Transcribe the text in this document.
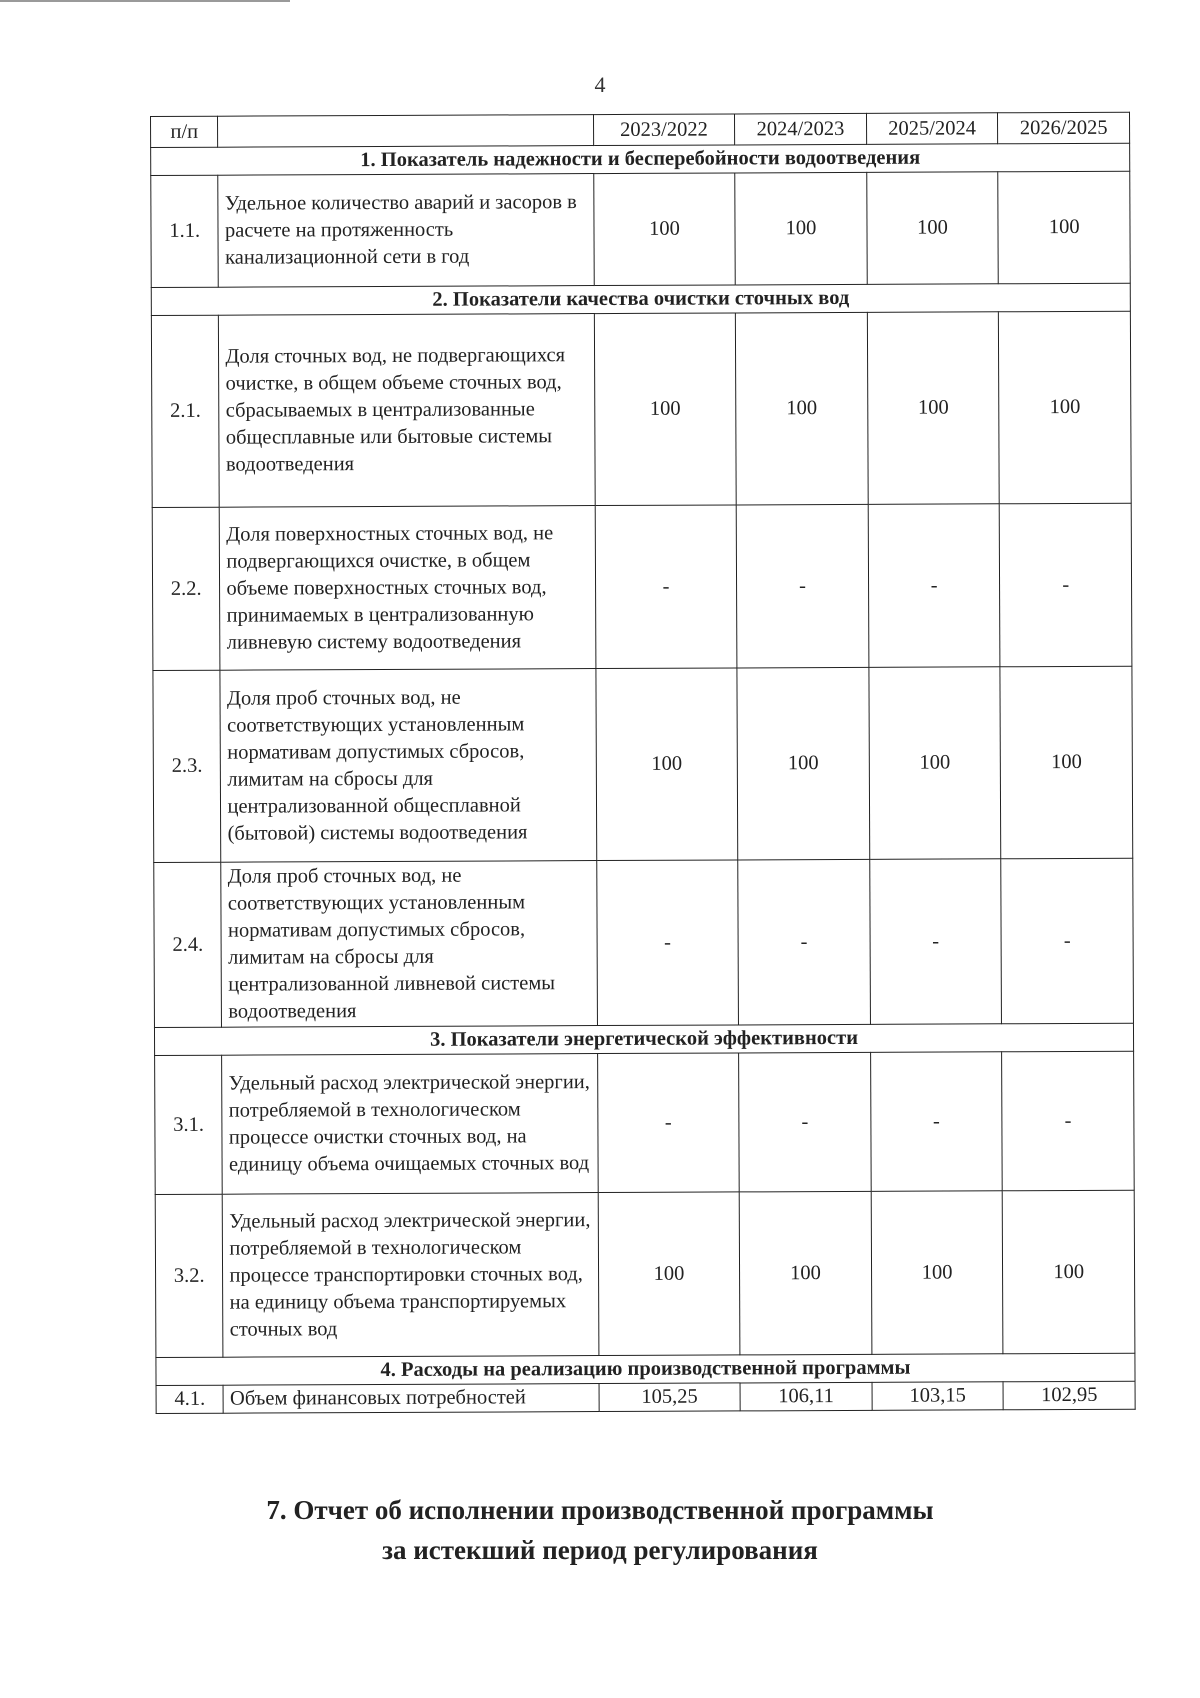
4
п/п		2023/2022	2024/2023	2025/2024	2026/2025
1. Показатель надежности и бесперебойности водоотведения					
1.1.	Удельное количество аварий и засоров в расчете на протяженность канализационной сети в год	100	100	100	100
2. Показатели качества очистки сточных вод					
2.1.	Доля сточных вод, не подвергающихся очистке, в общем объеме сточных вод, сбрасываемых в централизованные общесплавные или бытовые системы водоотведения	100	100	100	100
2.2.	Доля поверхностных сточных вод, не подвергающихся очистке, в общем объеме поверхностных сточных вод, принимаемых в централизованную ливневую систему водоотведения	-	-	-	-
2.3.	Доля проб сточных вод, не соответствующих установленным нормативам допустимых сбросов, лимитам на сбросы для централизованной общесплавной (бытовой) системы водоотведения	100	100	100	100
2.4.	Доля проб сточных вод, не соответствующих установленным нормативам допустимых сбросов, лимитам на сбросы для централизованной ливневой системы водоотведения	-	-	-	-
3. Показатели энергетической эффективности					
3.1.	Удельный расход электрической энергии, потребляемой в технологическом процессе очистки сточных вод, на единицу объема очищаемых сточных вод	-	-	-	-
3.2.	Удельный расход электрической энергии, потребляемой в технологическом процессе транспортировки сточных вод, на единицу объема транспортируемых сточных вод	100	100	100	100
4. Расходы на реализацию производственной программы					
4.1.	Объем финансовых потребностей	105,25	106,11	103,15	102,95
7. Отчет об исполнении производственной программы
за истекший период регулирования
